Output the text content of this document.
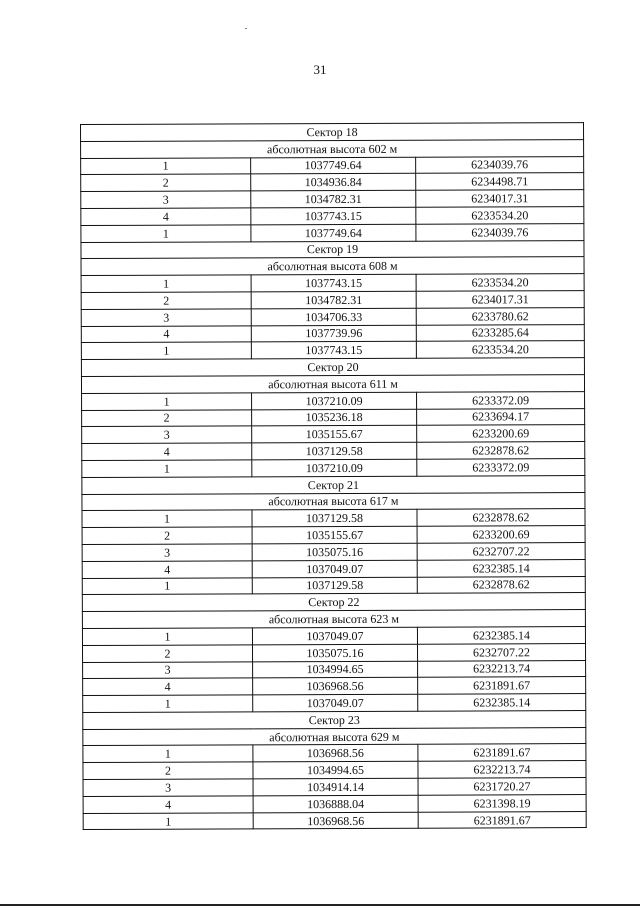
31
Сектор 18		
абсолютная высота 602 м		
1	1037749.64	6234039.76
2	1034936.84	6234498.71
3	1034782.31	6234017.31
4	1037743.15	6233534.20
1	1037749.64	6234039.76
Сектор 19		
абсолютная высота 608 м		
1	1037743.15	6233534.20
2	1034782.31	6234017.31
3	1034706.33	6233780.62
4	1037739.96	6233285.64
1	1037743.15	6233534.20
Сектор 20		
абсолютная высота 611 м		
1	1037210.09	6233372.09
2	1035236.18	6233694.17
3	1035155.67	6233200.69
4	1037129.58	6232878.62
1	1037210.09	6233372.09
Сектор 21		
абсолютная высота 617 м		
1	1037129.58	6232878.62
2	1035155.67	6233200.69
3	1035075.16	6232707.22
4	1037049.07	6232385.14
1	1037129.58	6232878.62
Сектор 22		
абсолютная высота 623 м		
1	1037049.07	6232385.14
2	1035075.16	6232707.22
3	1034994.65	6232213.74
4	1036968.56	6231891.67
1	1037049.07	6232385.14
Сектор 23		
абсолютная высота 629 м		
1	1036968.56	6231891.67
2	1034994.65	6232213.74
3	1034914.14	6231720.27
4	1036888.04	6231398.19
1	1036968.56	6231891.67
